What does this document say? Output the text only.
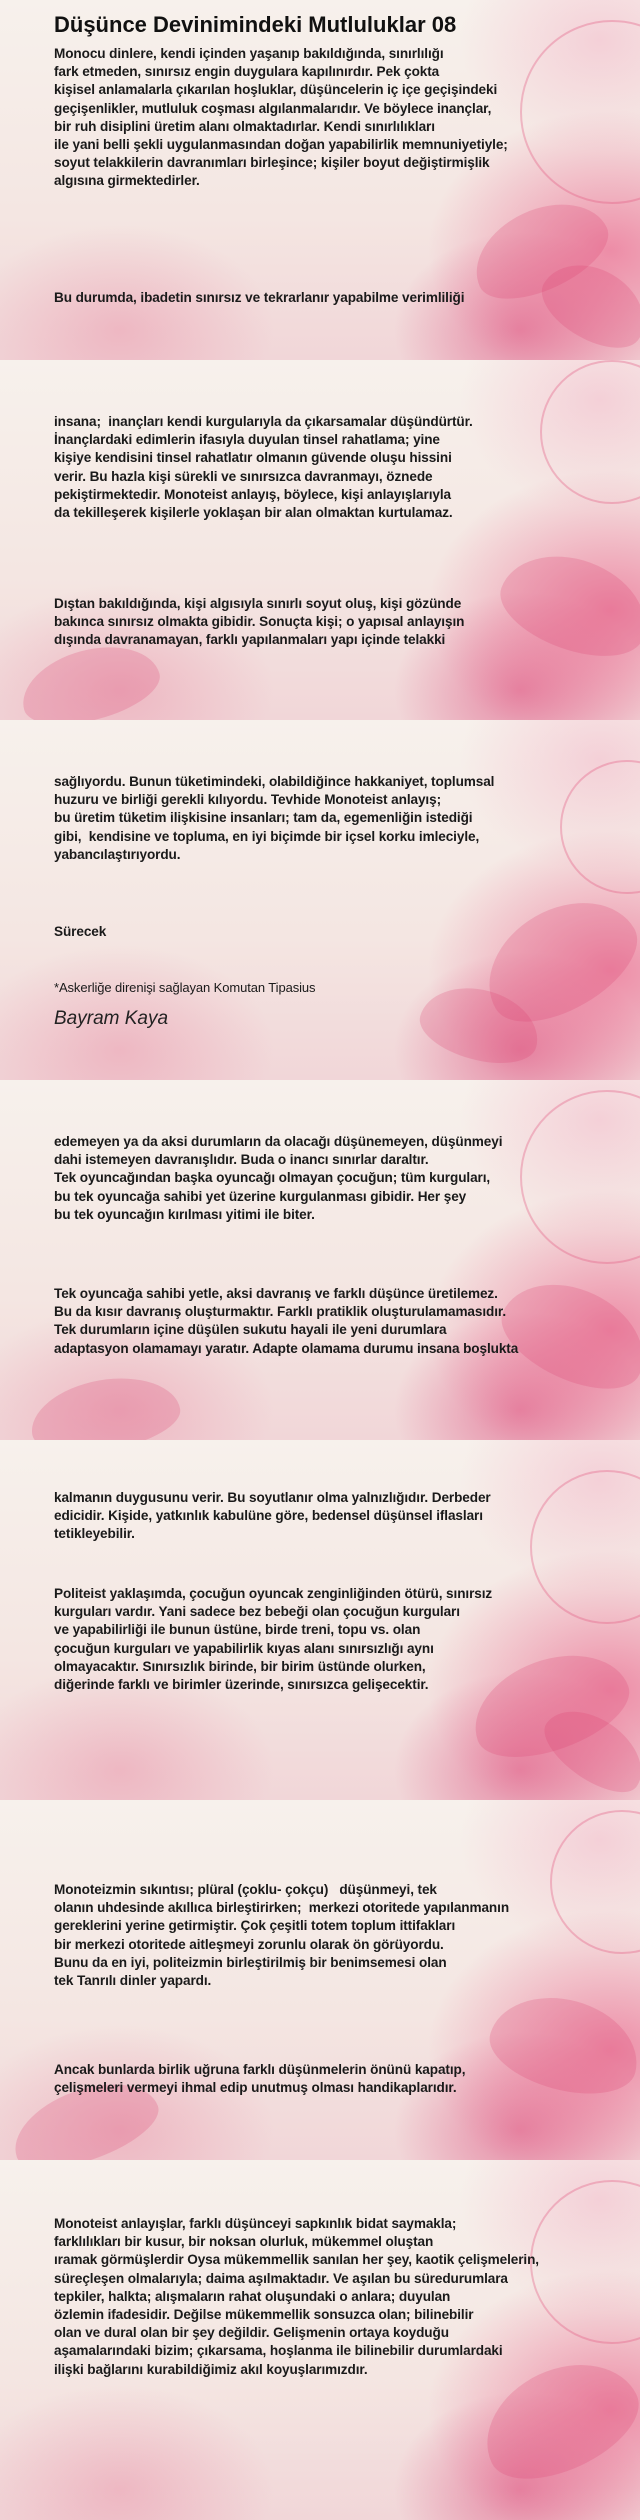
Düşünce Devinimindeki Mutluluklar 08
Monocu dinlere, kendi içinden yaşanıp bakıldığında, sınırlılığı
fark etmeden, sınırsız engin duygulara kapılınırdır. Pek çokta
kişisel anlamalarla çıkarılan hoşluklar, düşüncelerin iç içe geçişindeki
geçişenlikler, mutluluk coşması algılanmalarıdır. Ve böylece inançlar,
bir ruh disiplini üretim alanı olmaktadırlar. Kendi sınırlılıkları
ile yani belli şekli uygulanmasından doğan yapabilirlik memnuniyetiyle;
soyut telakkilerin davranımları birleşince; kişiler boyut değiştirmişlik
algısına girmektedirler.
Bu durumda, ibadetin sınırsız ve tekrarlanır yapabilme verimliliği
insana;  inançları kendi kurgularıyla da çıkarsamalar düşündürtür.
İnançlardaki edimlerin ifasıyla duyulan tinsel rahatlama; yine
kişiye kendisini tinsel rahatlatır olmanın güvende oluşu hissini
verir. Bu hazla kişi sürekli ve sınırsızca davranmayı, öznede
pekiştirmektedir. Monoteist anlayış, böylece, kişi anlayışlarıyla
da tekilleşerek kişilerle yoklaşan bir alan olmaktan kurtulamaz.
Dıştan bakıldığında, kişi algısıyla sınırlı soyut oluş, kişi gözünde
bakınca sınırsız olmakta gibidir. Sonuçta kişi; o yapısal anlayışın
dışında davranamayan, farklı yapılanmaları yapı içinde telakki
sağlıyordu. Bunun tüketimindeki, olabildiğince hakkaniyet, toplumsal
huzuru ve birliği gerekli kılıyordu. Tevhide Monoteist anlayış;
bu üretim tüketim ilişkisine insanları; tam da, egemenliğin istediği
gibi,  kendisine ve topluma, en iyi biçimde bir içsel korku imleciyle,
yabancılaştırıyordu.
Sürecek
*Askerliğe direnişi sağlayan Komutan Tipasius
Bayram Kaya
edemeyen ya da aksi durumların da olacağı düşünemeyen, düşünmeyi
dahi istemeyen davranışlıdır. Buda o inancı sınırlar daraltır.
Tek oyuncağından başka oyuncağı olmayan çocuğun; tüm kurguları,
bu tek oyuncağa sahibi yet üzerine kurgulanması gibidir. Her şey
bu tek oyuncağın kırılması yitimi ile biter.
Tek oyuncağa sahibi yetle, aksi davranış ve farklı düşünce üretilemez.
Bu da kısır davranış oluşturmaktır. Farklı pratiklik oluşturulamamasıdır.
Tek durumların içine düşülen sukutu hayali ile yeni durumlara
adaptasyon olamamayı yaratır. Adapte olamama durumu insana boşlukta
kalmanın duygusunu verir. Bu soyutlanır olma yalnızlığıdır. Derbeder
edicidir. Kişide, yatkınlık kabulüne göre, bedensel düşünsel iflasları
tetikleyebilir.
Politeist yaklaşımda, çocuğun oyuncak zenginliğinden ötürü, sınırsız
kurguları vardır. Yani sadece bez bebeği olan çocuğun kurguları
ve yapabilirliği ile bunun üstüne, birde treni, topu vs. olan
çocuğun kurguları ve yapabilirlik kıyas alanı sınırsızlığı aynı
olmayacaktır. Sınırsızlık birinde, bir birim üstünde olurken,
diğerinde farklı ve birimler üzerinde, sınırsızca gelişecektir.
Monoteizmin sıkıntısı; plüral (çoklu- çokçu)   düşünmeyi, tek
olanın uhdesinde akıllıca birleştirirken;  merkezi otoritede yapılanmanın
gereklerini yerine getirmiştir. Çok çeşitli totem toplum ittifakları
bir merkezi otoritede aitleşmeyi zorunlu olarak ön görüyordu.
Bunu da en iyi, politeizmin birleştirilmiş bir benimsemesi olan
tek Tanrılı dinler yapardı.
Ancak bunlarda birlik uğruna farklı düşünmelerin önünü kapatıp,
çelişmeleri vermeyi ihmal edip unutmuş olması handikaplarıdır.
Monoteist anlayışlar, farklı düşünceyi sapkınlık bidat saymakla;
farklılıkları bir kusur, bir noksan olurluk, mükemmel oluştan
ıramak görmüşlerdir Oysa mükemmellik sanılan her şey, kaotik çelişmelerin,
süreçleşen olmalarıyla; daima aşılmaktadır. Ve aşılan bu süredurumlara
tepkiler, halkta; alışmaların rahat oluşundaki o anlara; duyulan
özlemin ifadesidir. Değilse mükemmellik sonsuzca olan; bilinebilir
olan ve dural olan bir şey değildir. Gelişmenin ortaya koyduğu
aşamalarındaki bizim; çıkarsama, hoşlanma ile bilinebilir durumlardaki
ilişki bağlarını kurabildiğimiz akıl koyuşlarımızdır.
